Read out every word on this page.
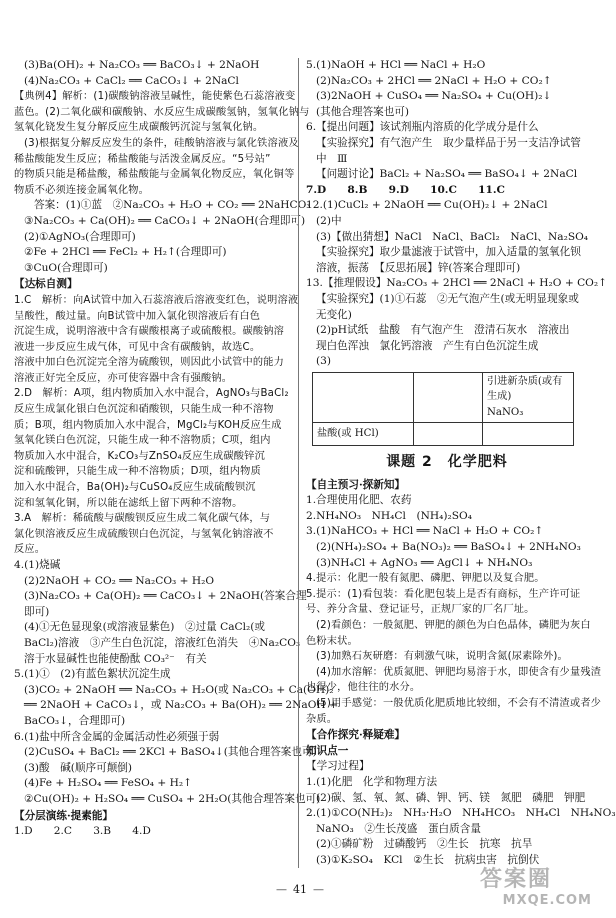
(3)Ba(OH)₂ + Na₂CO₃ ══ BaCO₃↓ + 2NaOH
(4)Na₂CO₃ + CaCl₂ ══ CaCO₃↓ + 2NaCl
【典例4】解析：(1)碳酸钠溶液呈碱性，能使紫色石蕊溶液变
蓝色。(2)二氧化碳和碳酸钠、水反应生成碳酸氢钠，氢氧化钠与
氢氧化铙发生复分解反应生成碳酸钙沉淀与氢氧化钠。
(3)根据复分解反应发生的条件，硅酸钠溶液与氯化铁溶液及
稀盐酸能发生反应；稀盐酸能与活泼金属反应。“5号站”
的物质只能是稀盐酸，稀盐酸能与金属氧化物反应，氧化铜等
物质不必须连接金属氧化物。
答案：(1)①蓝　②Na₂CO₃ + H₂O + CO₂ ══ 2NaHCO₃
③Na₂CO₃ + Ca(OH)₂ ══ CaCO₃↓ + 2NaOH(合理即可)
(2)①AgNO₃(合理即可)
②Fe + 2HCl ══ FeCl₂ + H₂↑(合理即可)
③CuO(合理即可)
【达标自测】
1.C　解析：向A试管中加入石蕊溶液后溶液变红色，说明溶液
呈酸性，酸过量。向B试管中加入氯化钡溶液后有白色
沉淀生成，说明溶液中含有碳酸根离子或硫酸根。碳酸钠溶
液进一步反应生成气体，可见中含有碳酸钠，故选C。
溶液中加白色沉淀完全溶为硫酸钡，则因此小试管中的能力
溶液正好完全反应，亦可使容器中含有强酸钠。
2.D　解析：A项，组内物质加入水中混合，AgNO₃与BaCl₂
反应生成氯化银白色沉淀和硝酸钡，只能生成一种不溶物
质；B项，组内物质加入水中混合，MgCl₂与KOH反应生成
氢氧化镁白色沉淀，只能生成一种不溶物质；C项，组内
物质加入水中混合，K₂CO₃与ZnSO₄反应生成碳酸锌沉
淀和硫酸钾，只能生成一种不溶物质；D项，组内物质
加入水中混合，Ba(OH)₂与CuSO₄反应生成硫酸钡沉
淀和氢氧化铜，所以能在滤纸上留下两种不溶物。
3.A　解析：稀硫酸与碳酸钡反应生成二氧化碳气体，与
氯化钡溶液反应生成硫酸钡白色沉淀，与氢氧化钠溶液不
反应。
4.(1)烧碱
(2)2NaOH + CO₂ ══ Na₂CO₃ + H₂O
(3)Na₂CO₃ + Ca(OH)₂ ══ CaCO₃↓ + 2NaOH(答案合理
即可)
(4)①无色显现象(或溶液显紫色)　②过量 CaCl₂(或
BaCl₂)溶液　③产生白色沉淀，溶液红色消失　④Na₂CO₃
溶于水显碱性也能使酚酞 CO₃²⁻　有关
5.(1)①　(2)有蓝色絮状沉淀生成
(3)CO₂ + 2NaOH ══ Na₂CO₃ + H₂O(或 Na₂CO₃ + Ca(OH)₂
══ 2NaOH + CaCO₃↓，或 Na₂CO₃ + Ba(OH)₂ ══ 2NaOH +
BaCO₃↓，合理即可)
6.(1)盐中所含金属的金属活动性必须强于弱
(2)CuSO₄ + BaCl₂ ══ 2KCl + BaSO₄↓(其他合理答案也可)
(3)酸　碱(顺序可颠倒)
(4)Fe + H₂SO₄ ══ FeSO₄ + H₂↑
②Cu(OH)₂ + H₂SO₄ ══ CuSO₄ + 2H₂O(其他合理答案也可)
【分层演练·提素能】
1.D　　2.C　　3.B　　4.D
5.(1)NaOH + HCl ══ NaCl + H₂O
(2)Na₂CO₃ + 2HCl ══ 2NaCl + H₂O + CO₂↑
(3)2NaOH + CuSO₄ ══ Na₂SO₄ + Cu(OH)₂↓
(其他合理答案也可)
6.【提出问题】该试剂瓶内溶质的化学成分是什么
【实验探究】有气泡产生　取少量样品于另一支洁净试管
中　Ⅲ
【问题讨论】BaCl₂ + Na₂SO₄ ══ BaSO₄↓ + 2NaCl
7.D　　8.B　　9.D　　10.C　　11.C
12.(1)CuCl₂ + 2NaOH ══ Cu(OH)₂↓ + 2NaCl
(2)中
(3)【做出猜想】NaCl　NaCl、BaCl₂　NaCl、Na₂SO₄
【实验探究】取少量滤液于试管中，加入适量的氢氧化钡
溶液，振荡　【反思拓展】锌(答案合理即可)
13.【推理假设】Na₂CO₃ + 2HCl ══ 2NaCl + H₂O + CO₂↑
【实验探究】(1)①石蕊　②无气泡产生(或无明显现象或
无变化)
(2)pH试纸　盐酸　有气泡产生　澄清石灰水　溶液出
现白色浑浊　氯化钙溶液　产生有白色沉淀生成
(3)
		引进新杂质(或有生成)
NaNO₃
盐酸(或 HCl)		
课题 2　化学肥料
【自主预习·探新知】
1.合理使用化肥、农药
2.NH₄NO₃　NH₄Cl　(NH₄)₂SO₄
3.(1)NaHCO₃ + HCl ══ NaCl + H₂O + CO₂↑
(2)(NH₄)₂SO₄ + Ba(NO₃)₂ ══ BaSO₄↓ + 2NH₄NO₃
(3)NH₄Cl + AgNO₃ ══ AgCl↓ + NH₄NO₃
4.提示：化肥一般有氮肥、磷肥、钾肥以及复合肥。
5.提示：(1)看包装：看化肥包装上是否有商标，生产许可证
号、养分含量、登记证号，正规厂家的厂名厂址。
(2)看颜色：一般氮肥、钾肥的颜色为白色晶体，磷肥为灰白
色粉末状。
(3)加熟石灰研磨：有刺激气味，说明含氮(尿素除外)。
(4)加水溶解：优质氮肥、钾肥均易溶于水，即使含有少量残渣
也很少，他往往的水分。
(5)用手感觉：一般优质化肥质地比较细，不会有不清渣或者少
杂质。
【合作探究·释疑难】
知识点一
【学习过程】
1.(1)化肥　化学和物理方法
(2)碳、氢、氧、氮、磷、钾、钙、镁　氮肥　磷肥　钾肥
2.(1)①CO(NH₂)₂　NH₃·H₂O　NH₄HCO₃　NH₄Cl　NH₄NO₃
NaNO₃　②生长茂盛　蛋白质含量
(2)①磷矿粉　过磷酸钙　②生长　抗寒　抗旱
(3)①K₂SO₄　KCl　②生长　抗病虫害　抗倒伏
— 41 —	答案圈
MXQE.COM
